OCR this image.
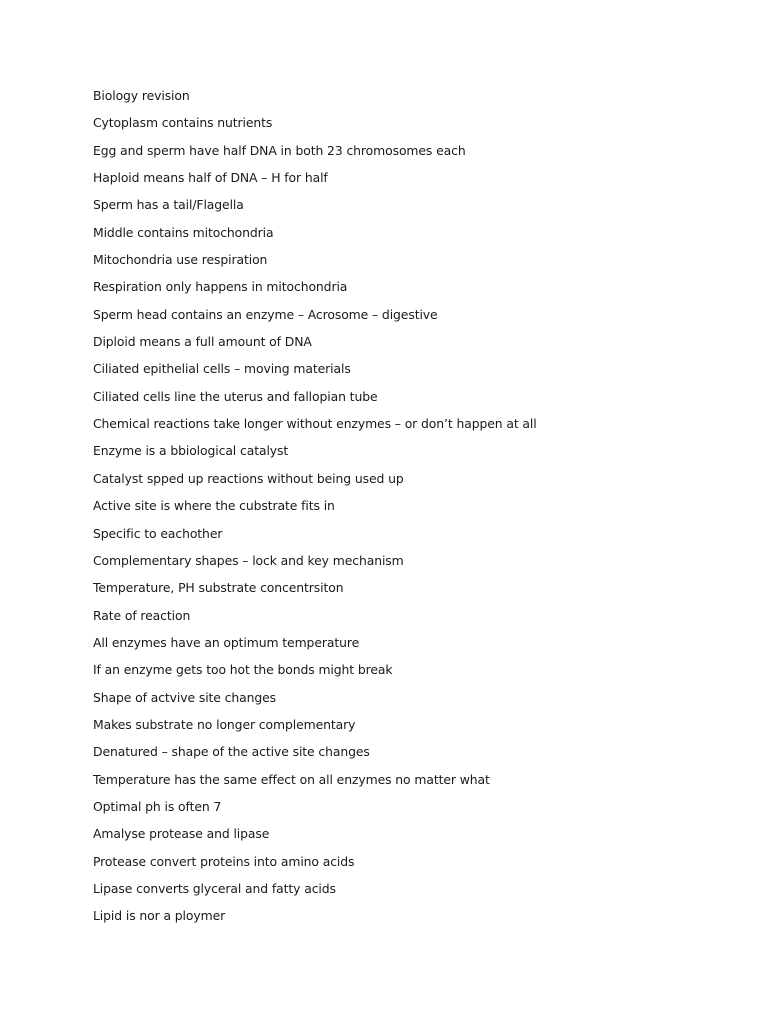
Biology revision
Cytoplasm contains nutrients
Egg and sperm have half DNA in both 23 chromosomes each
Haploid means half of DNA – H for half
Sperm has a tail/Flagella
Middle contains mitochondria
Mitochondria use respiration
Respiration only happens in mitochondria
Sperm head contains an enzyme – Acrosome – digestive
Diploid means a full amount of DNA
Ciliated epithelial cells – moving materials
Ciliated cells line the uterus and fallopian tube
Chemical reactions take longer without enzymes – or don’t happen at all
Enzyme is a bbiological catalyst
Catalyst spped up reactions without being used up
Active site is where the cubstrate fits in
Specific to eachother
Complementary shapes – lock and key mechanism
Temperature, PH substrate concentrsiton
Rate of reaction
All enzymes have an optimum temperature
If an enzyme gets too hot the bonds might break
Shape of actvive site changes
Makes substrate no longer complementary
Denatured – shape of the active site changes
Temperature has the same effect on all enzymes no matter what
Optimal ph is often 7
Amalyse protease and lipase
Protease convert proteins into amino acids
Lipase converts glyceral and fatty acids
Lipid is nor a ploymer
